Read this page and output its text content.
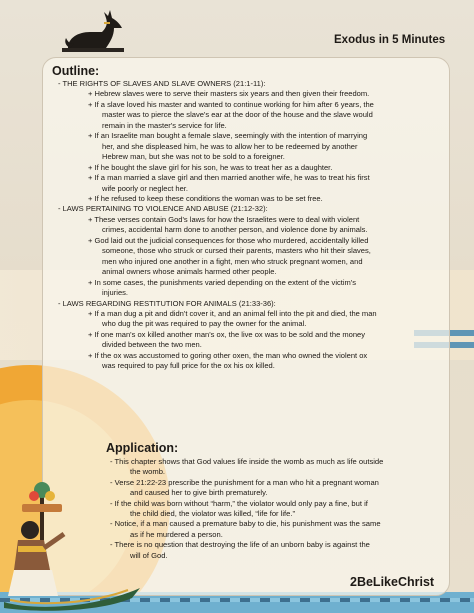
Exodus in 5 Minutes
Outline:
- THE RIGHTS OF SLAVES AND SLAVE OWNERS (21:1-11):
+ Hebrew slaves were to serve their masters six years and then given their freedom.
+ If a slave loved his master and wanted to continue working for him after 6 years, the
master was to pierce the slave's ear at the door of the house and the slave would
remain in the master's service for life.
+ If an Israelite man bought a female slave, seemingly with the intention of marrying
her, and she displeased him, he was to allow her to be redeemed by another
Hebrew man, but she was not to be sold to a foreigner.
+ If he bought the slave girl for his son, he was to treat her as a daughter.
+ If a man married a slave girl and then married another wife, he was to treat his first
wife poorly or neglect her.
+ If he refused to keep these conditions the woman was to be set free.
- LAWS PERTAINING TO VIOLENCE AND ABUSE (21:12-32):
+ These verses contain God's laws for how the Israelites were to deal with violent
crimes, accidental harm done to another person, and violence done by animals.
+ God laid out the judicial consequences for those who murdered, accidentally killed
someone, those who struck or cursed their parents, masters who hit their slaves,
men who injured one another in a fight, men who struck pregnant women, and
animal owners whose animals harmed other people.
+ In some cases, the punishments varied depending on the extent of the victim's
injuries.
- LAWS REGARDING RESTITUTION FOR ANIMALS (21:33-36):
+ If a man dug a pit and didn't cover it, and an animal fell into the pit and died, the man
who dug the pit was required to pay the owner for the animal.
+ If one man's ox killed another man's ox, the live ox was to be sold and the money
divided between the two men.
+ If the ox was accustomed to goring other oxen, the man who owned the violent ox
was required to pay full price for the ox his ox killed.
Application:
- This chapter shows that God values life inside the womb as much as life outside
the womb.
- Verse 21:22-23 prescribe the punishment for a man who hit a pregnant woman
and caused her to give birth prematurely.
- If the child was born without “harm,” the violator would only pay a fine, but if
the child died, the violator was killed, “life for life.”
- Notice, if a man caused a premature baby to die, his punishment was the same
as if he murdered a person.
- There is no question that destroying the life of an unborn baby is against the
will of God.
2BeLikeChrist
